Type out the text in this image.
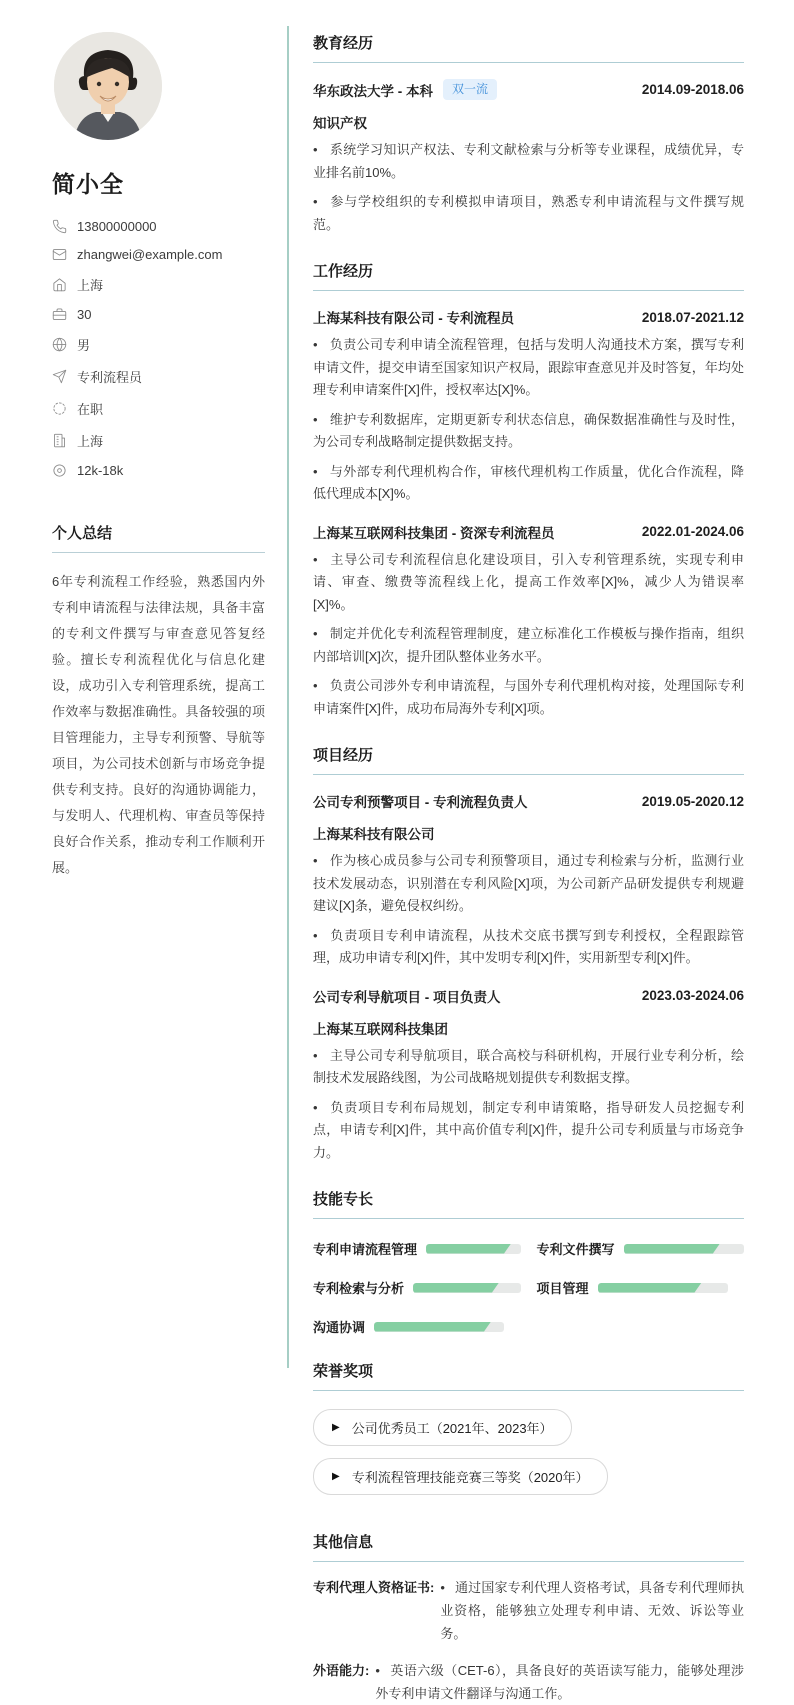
简小全
13800000000
zhangwei@example.com
上海
30
男
专利流程员
在职
上海
12k-18k
个人总结
6年专利流程工作经验，熟悉国内外专利申请流程与法律法规，具备丰富的专利文件撰写与审查意见答复经验。擅长专利流程优化与信息化建设，成功引入专利管理系统，提高工作效率与数据准确性。具备较强的项目管理能力，主导专利预警、导航等项目，为公司技术创新与市场竞争提供专利支持。良好的沟通协调能力，与发明人、代理机构、审查员等保持良好合作关系，推动专利工作顺利开展。
教育经历
华东政法大学 - 本科	双一流	2014.09-2018.06
知识产权

• 系统学习知识产权法、专利文献检索与分析等专业课程，成绩优异，专业排名前10%。

• 参与学校组织的专利模拟申请项目，熟悉专利申请流程与文件撰写规范。

工作经历
上海某科技有限公司 - 专利流程员	2018.07-2021.12

• 负责公司专利申请全流程管理，包括与发明人沟通技术方案，撰写专利申请文件，提交申请至国家知识产权局，跟踪审查意见并及时答复，年均处理专利申请案件[X]件，授权率达[X]%。

• 维护专利数据库，定期更新专利状态信息，确保数据准确性与及时性，为公司专利战略制定提供数据支持。

• 与外部专利代理机构合作，审核代理机构工作质量，优化合作流程，降低代理成本[X]%。

上海某互联网科技集团 - 资深专利流程员	2022.01-2024.06

• 主导公司专利流程信息化建设项目，引入专利管理系统，实现专利申请、审查、缴费等流程线上化，提高工作效率[X]%，减少人为错误率[X]%。

• 制定并优化专利流程管理制度，建立标准化工作模板与操作指南，组织内部培训[X]次，提升团队整体业务水平。

• 负责公司涉外专利申请流程，与国外专利代理机构对接，处理国际专利申请案件[X]件，成功布局海外专利[X]项。

项目经历
公司专利预警项目 - 专利流程负责人	2019.05-2020.12
上海某科技有限公司

• 作为核心成员参与公司专利预警项目，通过专利检索与分析，监测行业技术发展动态，识别潜在专利风险[X]项，为公司新产品研发提供专利规避建议[X]条，避免侵权纠纷。

• 负责项目专利申请流程，从技术交底书撰写到专利授权，全程跟踪管理，成功申请专利[X]件，其中发明专利[X]件，实用新型专利[X]件。

公司专利导航项目 - 项目负责人	2023.03-2024.06
上海某互联网科技集团

• 主导公司专利导航项目，联合高校与科研机构，开展行业专利分析，绘制技术发展路线图，为公司战略规划提供专利数据支撑。

• 负责项目专利布局规划，制定专利申请策略，指导研发人员挖掘专利点，申请专利[X]件，其中高价值专利[X]件，提升公司专利质量与市场竞争力。

技能专长
专利申请流程管理	专利文件撰写
专利检索与分析	项目管理
沟通协调
荣誉奖项
▶ 公司优秀员工（2021年、2023年）
▶ 专利流程管理技能竞赛三等奖（2020年）
其他信息
专利代理人资格证书: • 通过国家专利代理人资格考试，具备专利代理师执业资格，能够独立处理专利申请、无效、诉讼等业务。
外语能力: • 英语六级（CET-6），具备良好的英语读写能力，能够处理涉外专利申请文件翻译与沟通工作。
